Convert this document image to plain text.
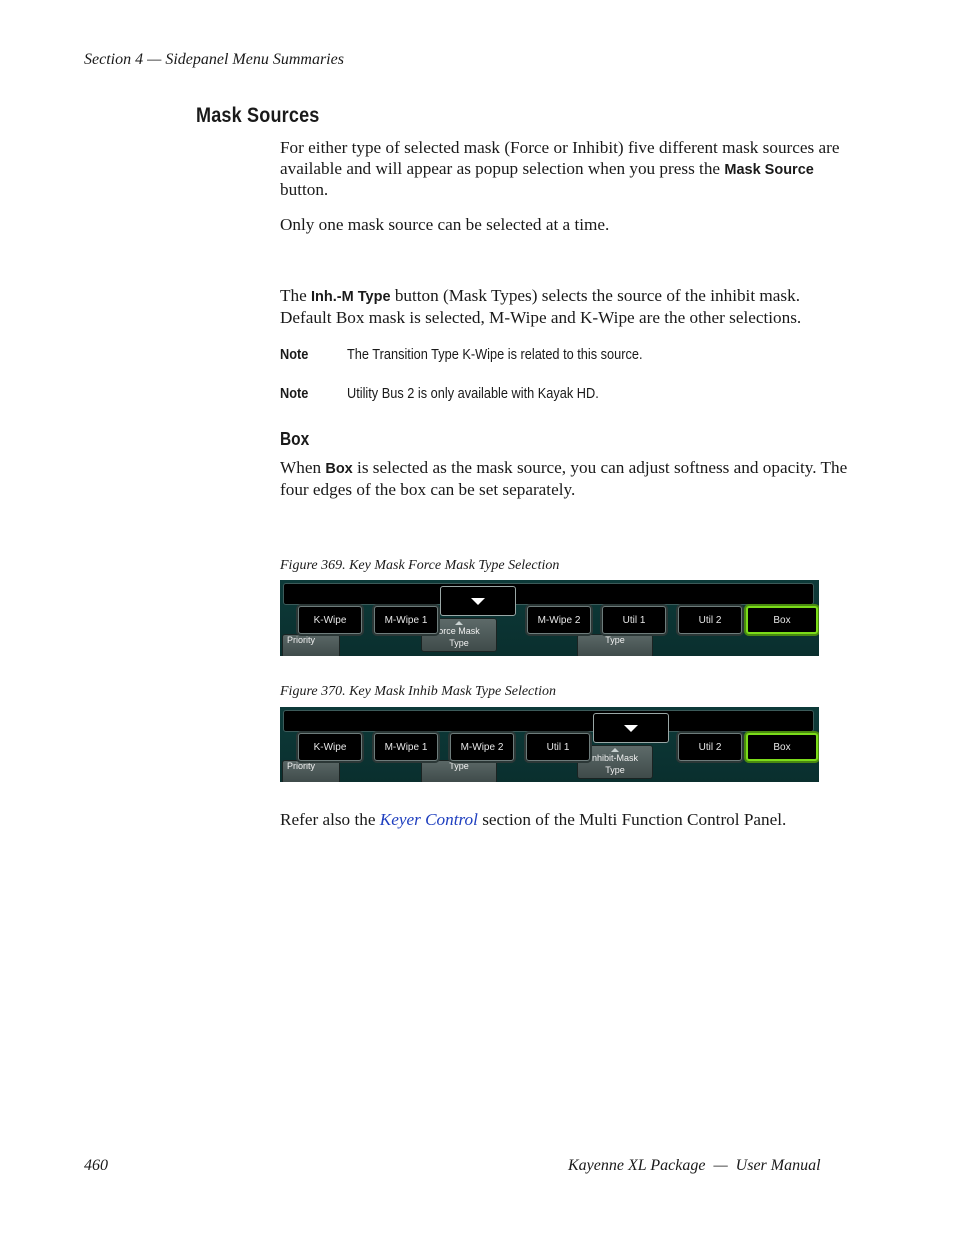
Section 4 — Sidepanel Menu Summaries
Mask Sources
For either type of selected mask (Force or Inhibit) five different mask sources are available and will appear as popup selection when you press the Mask Source button.
Only one mask source can be selected at a time.
The Inh.-M Type button (Mask Types) selects the source of the inhibit mask. Default Box mask is selected, M-Wipe and K-Wipe are the other selections.
Note	The Transition Type K-Wipe is related to this source.
Note	Utility Bus 2 is only available with Kayak HD.
Box
When Box is selected as the mask source, you can adjust softness and opacity. The four edges of the box can be set separately.
Figure 369. Key Mask Force Mask Type Selection
Priority
orce Mask
Type	Type
K-Wipe	M-Wipe 1	M-Wipe 2	Util 1	Util 2	Box
Figure 370. Key Mask Inhib Mask Type Selection
Priority	Type
nhibit-Mask
Type
K-Wipe	M-Wipe 1	M-Wipe 2	Util 1	Util 2	Box
Refer also the Keyer Control section of the Multi Function Control Panel.
460	Kayenne XL Package  —  User Manual
